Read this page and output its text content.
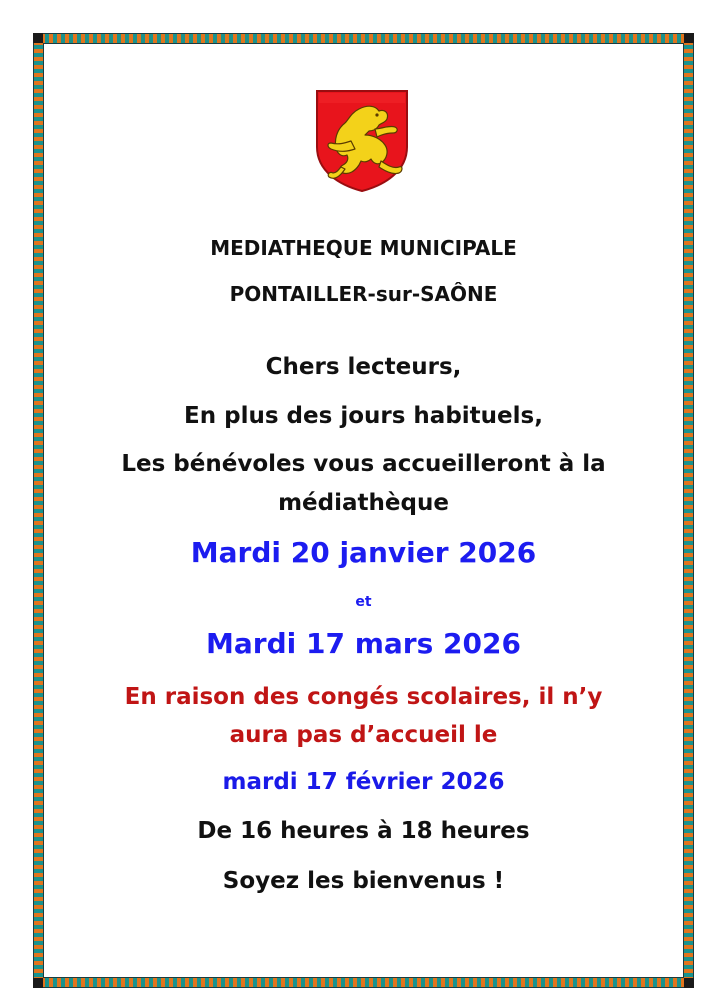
MEDIATHEQUE MUNICIPALE
PONTAILLER-sur-SAÔNE
Chers lecteurs,
En plus des jours habituels,
Les bénévoles vous accueilleront à la
médiathèque
Mardi 20 janvier 2026
et
Mardi 17 mars 2026
En raison des congés scolaires, il n’y
aura pas d’accueil le
mardi 17 février 2026
De 16 heures à 18 heures
Soyez les bienvenus !
